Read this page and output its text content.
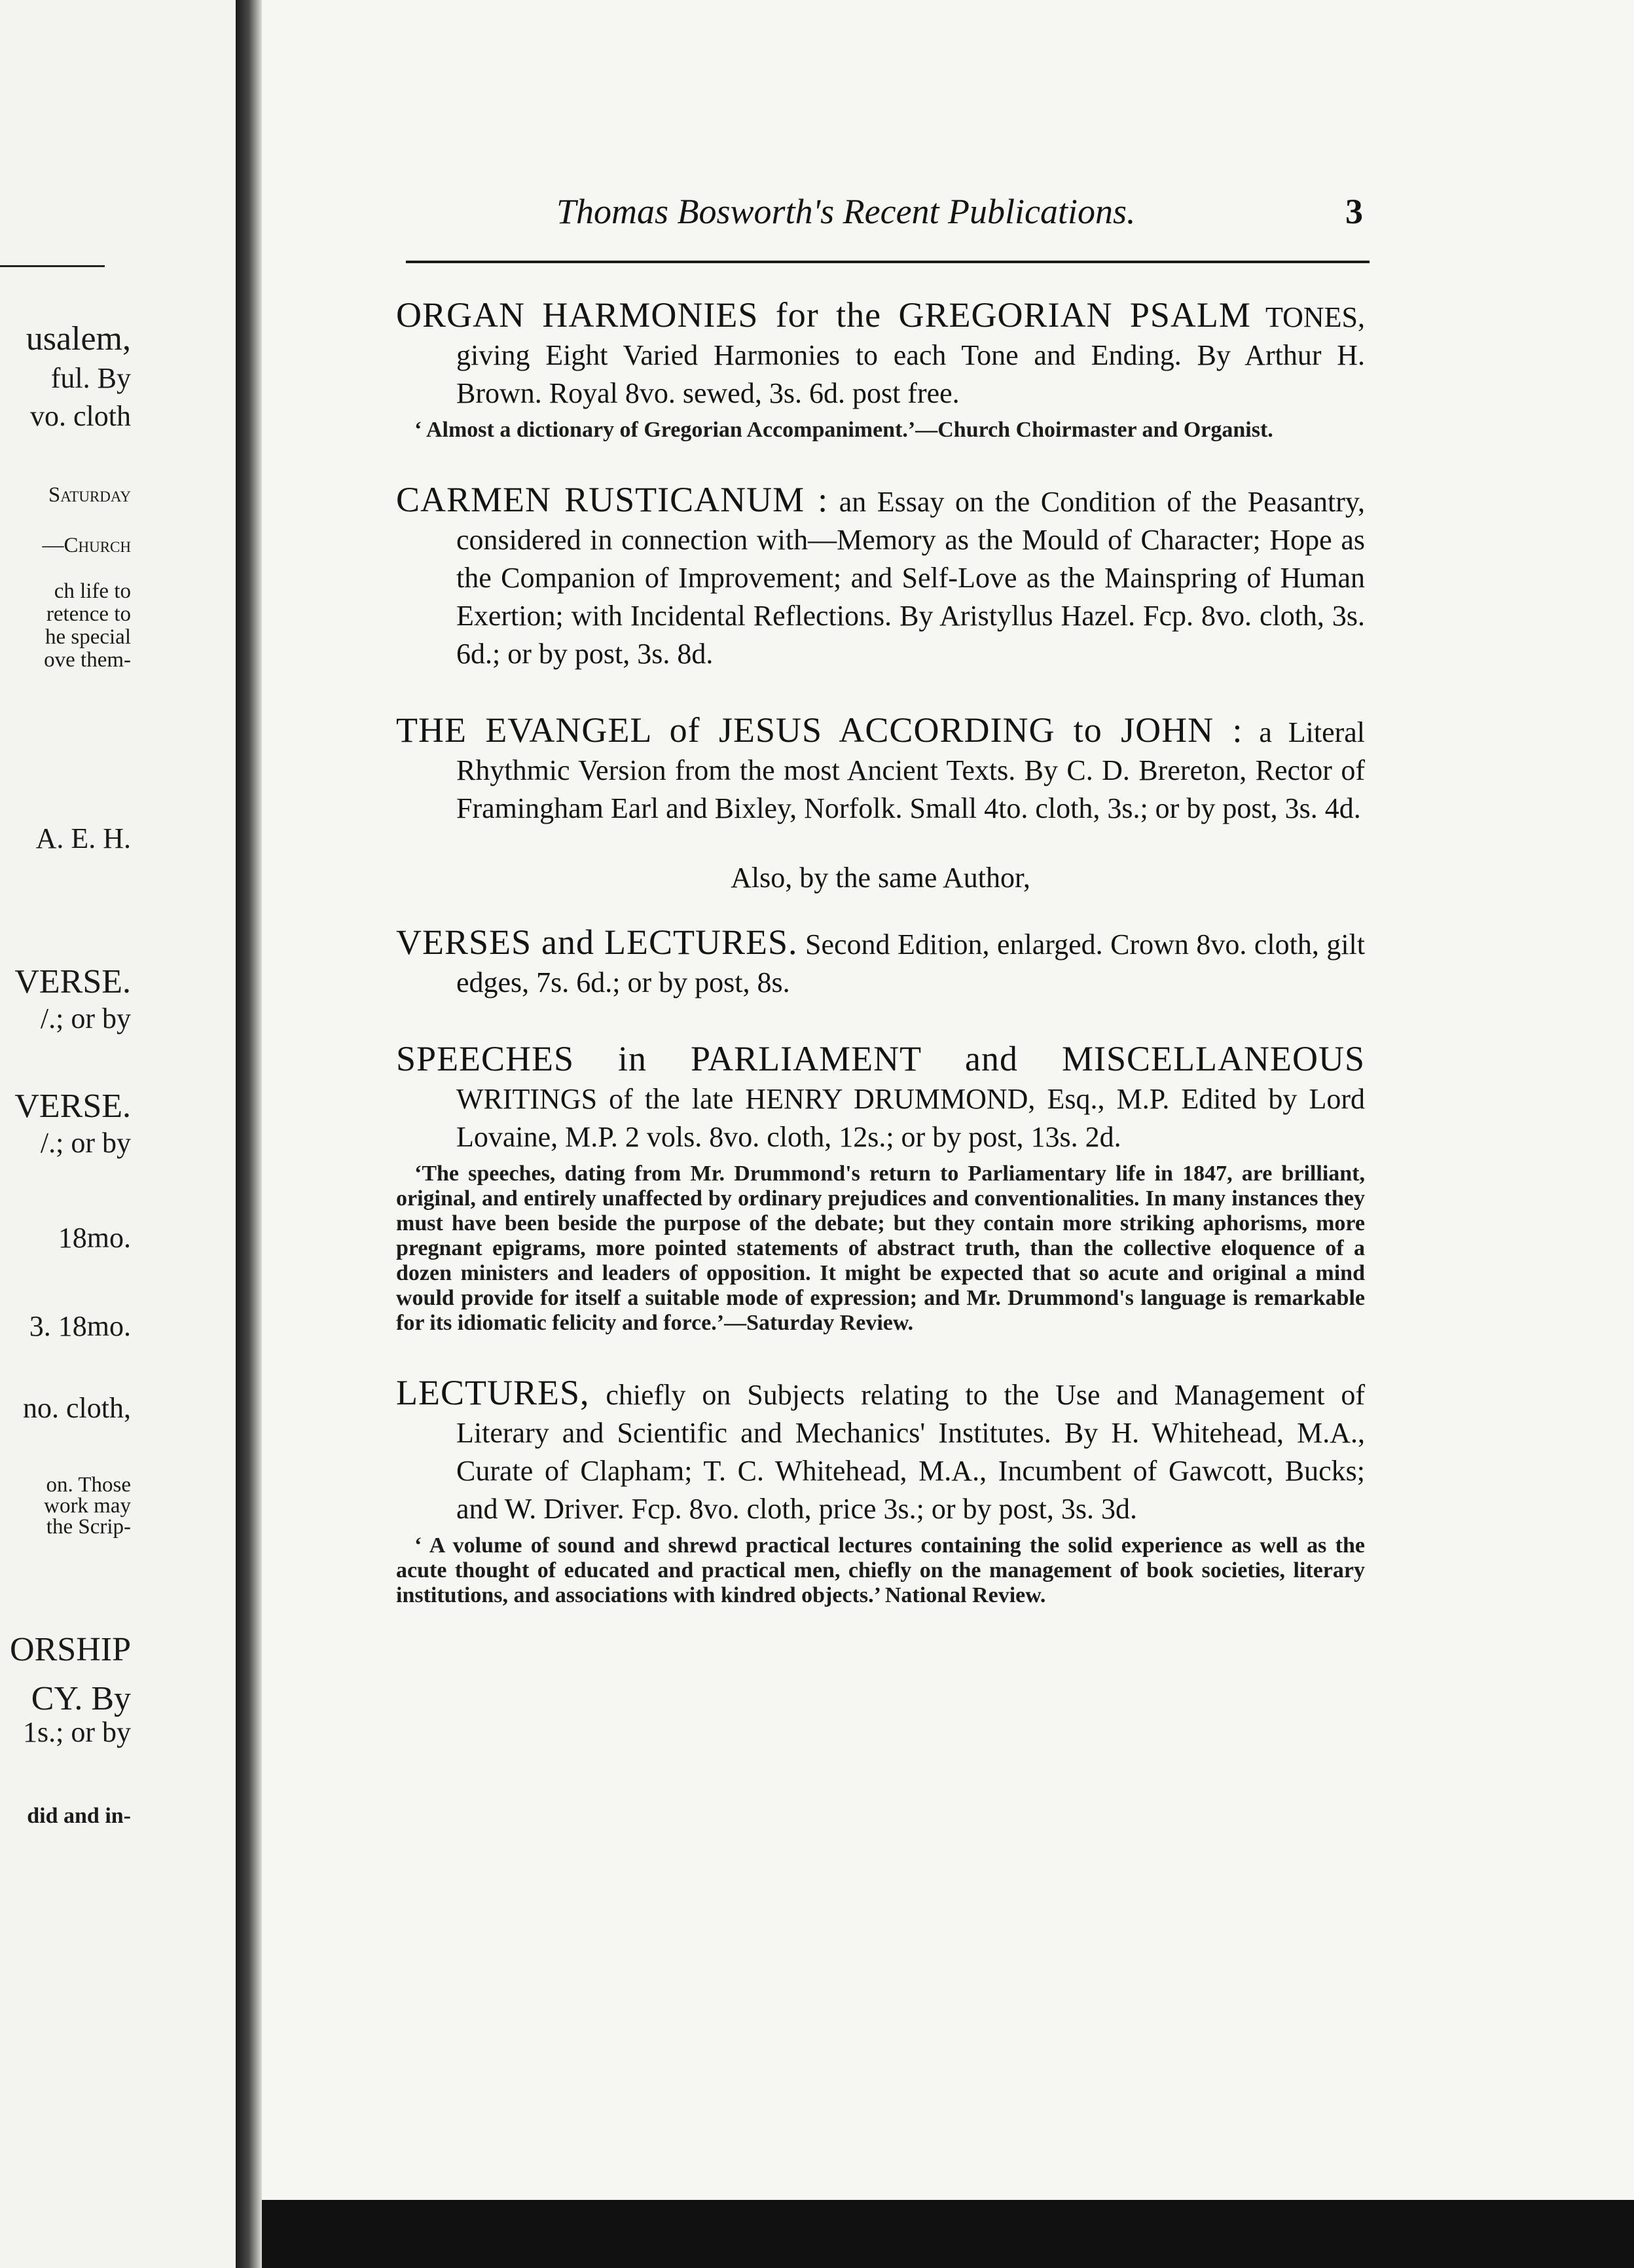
usalem,
ful. By
vo. cloth
Saturday
—Church
ch life to
retence to
he special
ove them-
A. E. H.
VERSE.
/.; or by
VERSE.
/.; or by
18mo.
3. 18mo.
no. cloth,
on. Those
work may
the Scrip-
ORSHIP
CY. By
1s.; or by
did and in-
Thomas Bosworth's Recent Publications.	3

ORGAN HARMONIES for the GREGORIAN PSALM TONES, giving Eight Varied Harmonies to each Tone and Ending. By Arthur H. Brown. Royal 8vo. sewed, 3s. 6d. post free.

‘ Almost a dictionary of Gregorian Accompaniment.’—Church Choirmaster and Organist.

CARMEN RUSTICANUM : an Essay on the Condition of the Peasantry, considered in connection with—Memory as the Mould of Character; Hope as the Companion of Improvement; and Self-Love as the Mainspring of Human Exertion; with Incidental Reflections. By Aristyllus Hazel. Fcp. 8vo. cloth, 3s. 6d.; or by post, 3s. 8d.

THE EVANGEL of JESUS ACCORDING to JOHN : a Literal Rhythmic Version from the most Ancient Texts. By C. D. Brereton, Rector of Framingham Earl and Bixley, Norfolk. Small 4to. cloth, 3s.; or by post, 3s. 4d.

Also, by the same Author,

VERSES and LECTURES. Second Edition, enlarged. Crown 8vo. cloth, gilt edges, 7s. 6d.; or by post, 8s.

SPEECHES in PARLIAMENT and MISCELLANEOUS WRITINGS of the late HENRY DRUMMOND, Esq., M.P. Edited by Lord Lovaine, M.P. 2 vols. 8vo. cloth, 12s.; or by post, 13s. 2d.

‘The speeches, dating from Mr. Drummond's return to Parliamentary life in 1847, are brilliant, original, and entirely unaffected by ordinary prejudices and conventionalities. In many instances they must have been beside the purpose of the debate; but they contain more striking aphorisms, more pregnant epigrams, more pointed statements of abstract truth, than the collective eloquence of a dozen ministers and leaders of opposition. It might be expected that so acute and original a mind would provide for itself a suitable mode of expression; and Mr. Drummond's language is remarkable for its idiomatic felicity and force.’—Saturday Review.

LECTURES, chiefly on Subjects relating to the Use and Management of Literary and Scientific and Mechanics' Institutes. By H. Whitehead, M.A., Curate of Clapham; T. C. Whitehead, M.A., Incumbent of Gawcott, Bucks; and W. Driver. Fcp. 8vo. cloth, price 3s.; or by post, 3s. 3d.

‘ A volume of sound and shrewd practical lectures containing the solid experience as well as the acute thought of educated and practical men, chiefly on the management of book societies, literary institutions, and associations with kindred objects.’ National Review.
